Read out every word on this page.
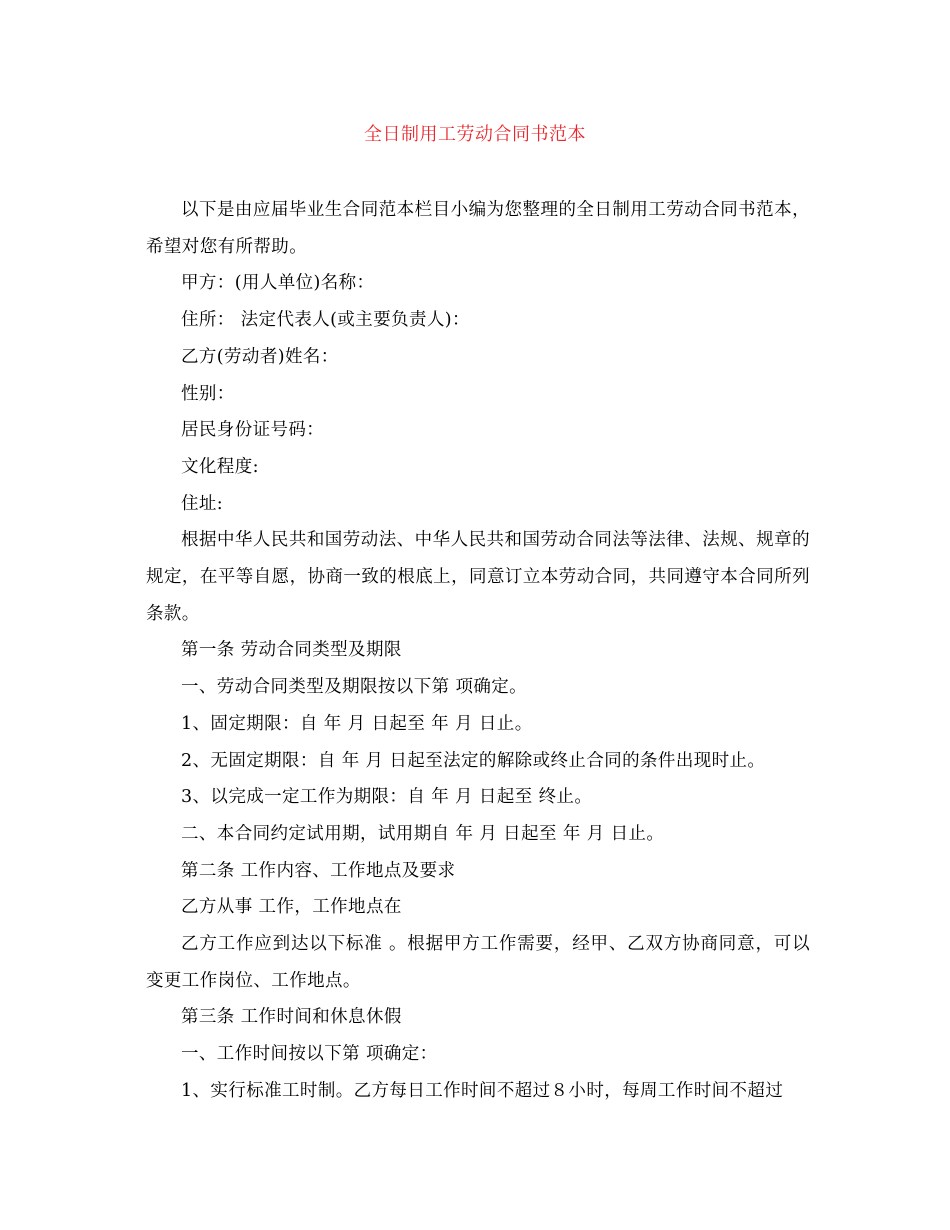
全日制用工劳动合同书范本

以下是由应届毕业生合同范本栏目小编为您整理的全日制用工劳动合同书范本，希望对您有所帮助。

甲方：(用人单位)名称：

住所： 法定代表人(或主要负责人)：

乙方(劳动者)姓名：

性别：

居民身份证号码：

文化程度:

住址:

根据中华人民共和国劳动法、中华人民共和国劳动合同法等法律、法规、规章的规定，在平等自愿，协商一致的根底上，同意订立本劳动合同，共同遵守本合同所列条款。

第一条 劳动合同类型及期限

一、劳动合同类型及期限按以下第 项确定。

1、固定期限：自 年 月 日起至 年 月 日止。

2、无固定期限：自 年 月 日起至法定的解除或终止合同的条件出现时止。

3、以完成一定工作为期限：自 年 月 日起至 终止。

二、本合同约定试用期，试用期自 年 月 日起至 年 月 日止。

第二条 工作内容、工作地点及要求

乙方从事 工作，工作地点在

乙方工作应到达以下标准 。根据甲方工作需要，经甲、乙双方协商同意，可以变更工作岗位、工作地点。

第三条 工作时间和休息休假

一、工作时间按以下第 项确定：

1、实行标准工时制。乙方每日工作时间不超过８小时，每周工作时间不超过
